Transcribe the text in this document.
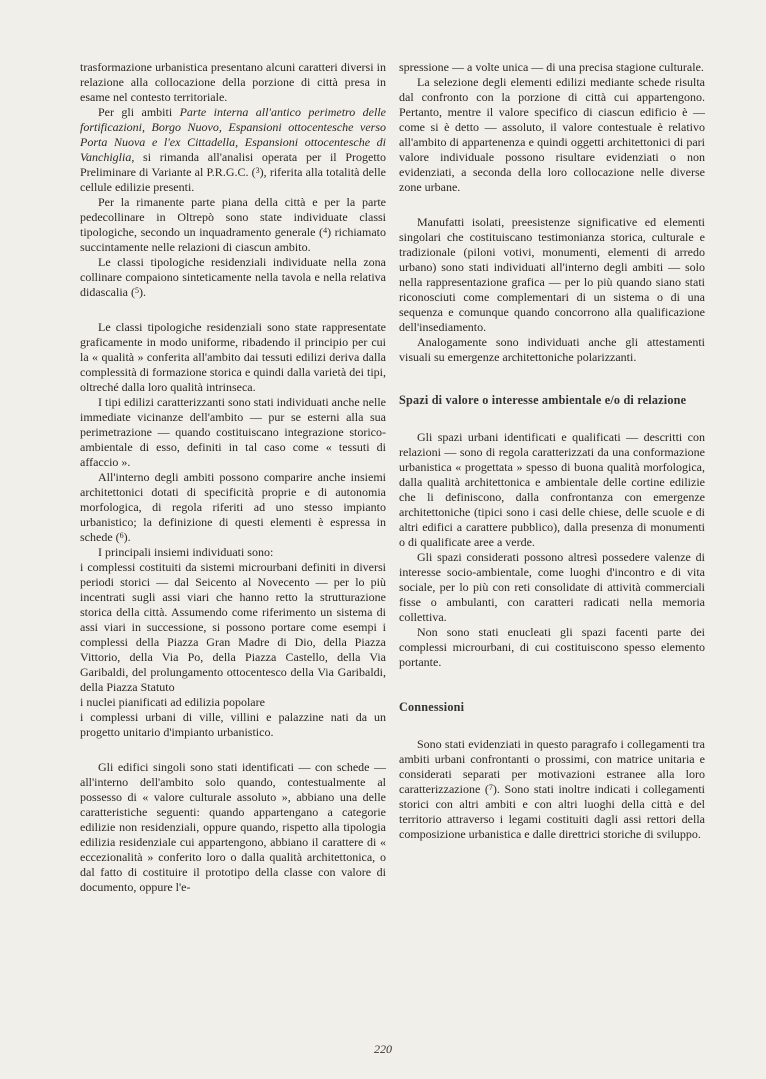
trasformazione urbanistica presentano alcuni caratteri diversi in relazione alla collocazione della porzione di città presa in esame nel contesto territoriale.

Per gli ambiti Parte interna all'antico perimetro delle fortificazioni, Borgo Nuovo, Espansioni ottocentesche verso Porta Nuova e l'ex Cittadella, Espansioni ottocentesche di Vanchiglia, si rimanda all'analisi operata per il Progetto Preliminare di Variante al P.R.G.C. ($^3$), riferita alla totalità delle cellule edilizie presenti.

Per la rimanente parte piana della città e per la parte pedecollinare in Oltrepò sono state individuate classi tipologiche, secondo un inquadramento generale ($^4$) richiamato succintamente nelle relazioni di ciascun ambito.

Le classi tipologiche residenziali individuate nella zona collinare compaiono sinteticamente nella tavola e nella relativa didascalia ($^5$).

Le classi tipologiche residenziali sono state rappresentate graficamente in modo uniforme, ribadendo il principio per cui la « qualità » conferita all'ambito dai tessuti edilizi deriva dalla complessità di formazione storica e quindi dalla varietà dei tipi, oltreché dalla loro qualità intrinseca.

I tipi edilizi caratterizzanti sono stati individuati anche nelle immediate vicinanze dell'ambito — pur se esterni alla sua perimetrazione — quando costituiscano integrazione storico-ambientale di esso, definiti in tal caso come « tessuti di affaccio ».

All'interno degli ambiti possono comparire anche insiemi architettonici dotati di specificità proprie e di autonomia morfologica, di regola riferiti ad uno stesso impianto urbanistico; la definizione di questi elementi è espressa in schede ($^6$).

I principali insiemi individuati sono:

i complessi costituiti da sistemi microurbani definiti in diversi periodi storici — dal Seicento al Novecento — per lo più incentrati sugli assi viari che hanno retto la strutturazione storica della città. Assumendo come riferimento un sistema di assi viari in successione, si possono portare come esempi i complessi della Piazza Gran Madre di Dio, della Piazza Vittorio, della Via Po, della Piazza Castello, della Via Garibaldi, del prolungamento ottocentesco della Via Garibaldi, della Piazza Statuto

i nuclei pianificati ad edilizia popolare

i complessi urbani di ville, villini e palazzine nati da un progetto unitario d'impianto urbanistico.

Gli edifici singoli sono stati identificati — con schede — all'interno dell'ambito solo quando, contestualmente al possesso di « valore culturale assoluto », abbiano una delle caratteristiche seguenti: quando appartengano a categorie edilizie non residenziali, oppure quando, rispetto alla tipologia edilizia residenziale cui appartengono, abbiano il carattere di « eccezionalità » conferito loro o dalla qualità architettonica, o dal fatto di costituire il prototipo della classe con valore di documento, oppure l'e-

spressione — a volte unica — di una precisa stagione culturale.

La selezione degli elementi edilizi mediante schede risulta dal confronto con la porzione di città cui appartengono. Pertanto, mentre il valore specifico di ciascun edificio è — come si è detto — assoluto, il valore contestuale è relativo all'ambito di appartenenza e quindi oggetti architettonici di pari valore individuale possono risultare evidenziati o non evidenziati, a seconda della loro collocazione nelle diverse zone urbane.

Manufatti isolati, preesistenze significative ed elementi singolari che costituiscano testimonianza storica, culturale e tradizionale (piloni votivi, monumenti, elementi di arredo urbano) sono stati individuati all'interno degli ambiti — solo nella rappresentazione grafica — per lo più quando siano stati riconosciuti come complementari di un sistema o di una sequenza e comunque quando concorrono alla qualificazione dell'insediamento.

Analogamente sono individuati anche gli attestamenti visuali su emergenze architettoniche polarizzanti.

Spazi di valore o interesse ambientale e/o di relazione

Gli spazi urbani identificati e qualificati — descritti con relazioni — sono di regola caratterizzati da una conformazione urbanistica « progettata » spesso di buona qualità morfologica, dalla qualità architettonica e ambientale delle cortine edilizie che li definiscono, dalla confrontanza con emergenze architettoniche (tipici sono i casi delle chiese, delle scuole e di altri edifici a carattere pubblico), dalla presenza di monumenti o di qualificate aree a verde.

Gli spazi considerati possono altresì possedere valenze di interesse socio-ambientale, come luoghi d'incontro e di vita sociale, per lo più con reti consolidate di attività commerciali fisse o ambulanti, con caratteri radicati nella memoria collettiva.

Non sono stati enucleati gli spazi facenti parte dei complessi microurbani, di cui costituiscono spesso elemento portante.

Connessioni

Sono stati evidenziati in questo paragrafo i collegamenti tra ambiti urbani confrontanti o prossimi, con matrice unitaria e considerati separati per motivazioni estranee alla loro caratterizzazione ($^7$). Sono stati inoltre indicati i collegamenti storici con altri ambiti e con altri luoghi della città e del territorio attraverso i legami costituiti dagli assi rettori della composizione urbanistica e dalle direttrici storiche di sviluppo.

220
